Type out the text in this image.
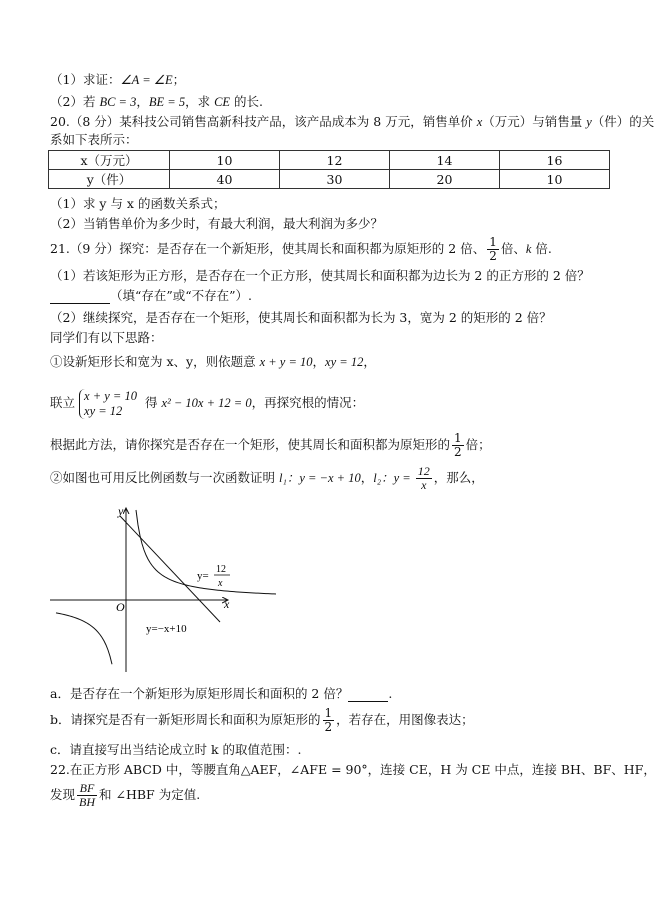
（1）求证：∠A = ∠E；
（2）若 BC = 3，BE = 5，求 CE 的长.
20.（8 分）某科技公司销售高新科技产品，该产品成本为 8 万元，销售单价 x（万元）与销售量 y（件）的关
系如下表所示：
x（万元）	10	12	14	16
y（件）	40	30	20	10
（1）求 y 与 x 的函数关系式；
（2）当销售单价为多少时，有最大利润，最大利润为多少？
21.（9 分）探究：是否存在一个新矩形，使其周长和面积都为原矩形的 2 倍、 $\frac{1}{2}$ 倍、k 倍.
（1）若该矩形为正方形，是否存在一个正方形，使其周长和面积都为边长为 2 的正方形的 2 倍？
（填“存在”或“不存在”）.
（2）继续探究，是否存在一个矩形，使其周长和面积都为长为 3，宽为 2 的矩形的 2 倍？
同学们有以下思路：
①设新矩形长和宽为 x、y，则依题意 x + y = 10，xy = 12，
联立 x + y = 10
xy = 12
得 x² − 10x + 12 = 0，再探究根的情况：
根据此方法，请你探究是否存在一个矩形，使其周长和面积都为原矩形的 $\frac{1}{2}$ 倍；
②如图也可用反比例函数与一次函数证明 l₁：y = −x + 10，l₂：$y = \frac{12}{x}$ ，那么，
y
x
O
y=
12
x
y=−x+10
a．是否存在一个新矩形为原矩形周长和面积的 2 倍？	.
b．请探究是否有一新矩形周长和面积为原矩形的 $\frac{1}{2}$ ，若存在，用图像表达；
c．请直接写出当结论成立时 k 的取值范围：.
22.在正方形 ABCD 中，等腰直角△AEF，∠AFE = 90°，连接 CE，H 为 CE 中点，连接 BH、BF、HF，
发现 $\frac{BF}{BH}$ 和 ∠HBF 为定值.
